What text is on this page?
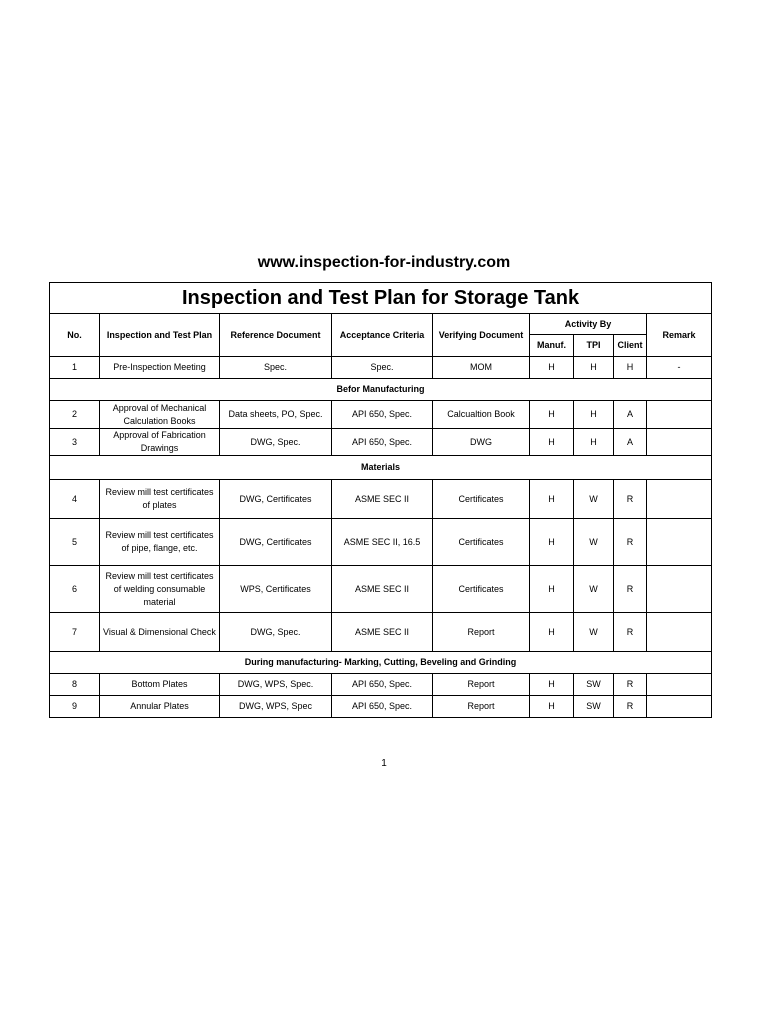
www.inspection-for-industry.com
Inspection and Test Plan for Storage Tank								
No.	Inspection and Test Plan	Reference Document	Acceptance Criteria	Verifying Document	Activity By			Remark
					Manuf.	TPI	Client	
1	Pre-Inspection Meeting	Spec.	Spec.	MOM	H	H	H	-
Befor Manufacturing								
2	Approval of Mechanical Calculation Books	Data sheets, PO, Spec.	API 650, Spec.	Calcualtion Book	H	H	A	
3	Approval of Fabrication Drawings	DWG, Spec.	API 650, Spec.	DWG	H	H	A	
Materials								
4	Review mill test certificates of plates	DWG, Certificates	ASME SEC II	Certificates	H	W	R	
5	Review mill test certificates of pipe, flange, etc.	DWG, Certificates	ASME SEC II, 16.5	Certificates	H	W	R	
6	Review mill test certificates of welding consumable material	WPS, Certificates	ASME SEC II	Certificates	H	W	R	
7	Visual & Dimensional Check	DWG, Spec.	ASME SEC II	Report	H	W	R	
During manufacturing- Marking, Cutting, Beveling and Grinding								
8	Bottom Plates	DWG, WPS, Spec.	API 650, Spec.	Report	H	SW	R	
9	Annular Plates	DWG, WPS, Spec	API 650, Spec.	Report	H	SW	R	
1
